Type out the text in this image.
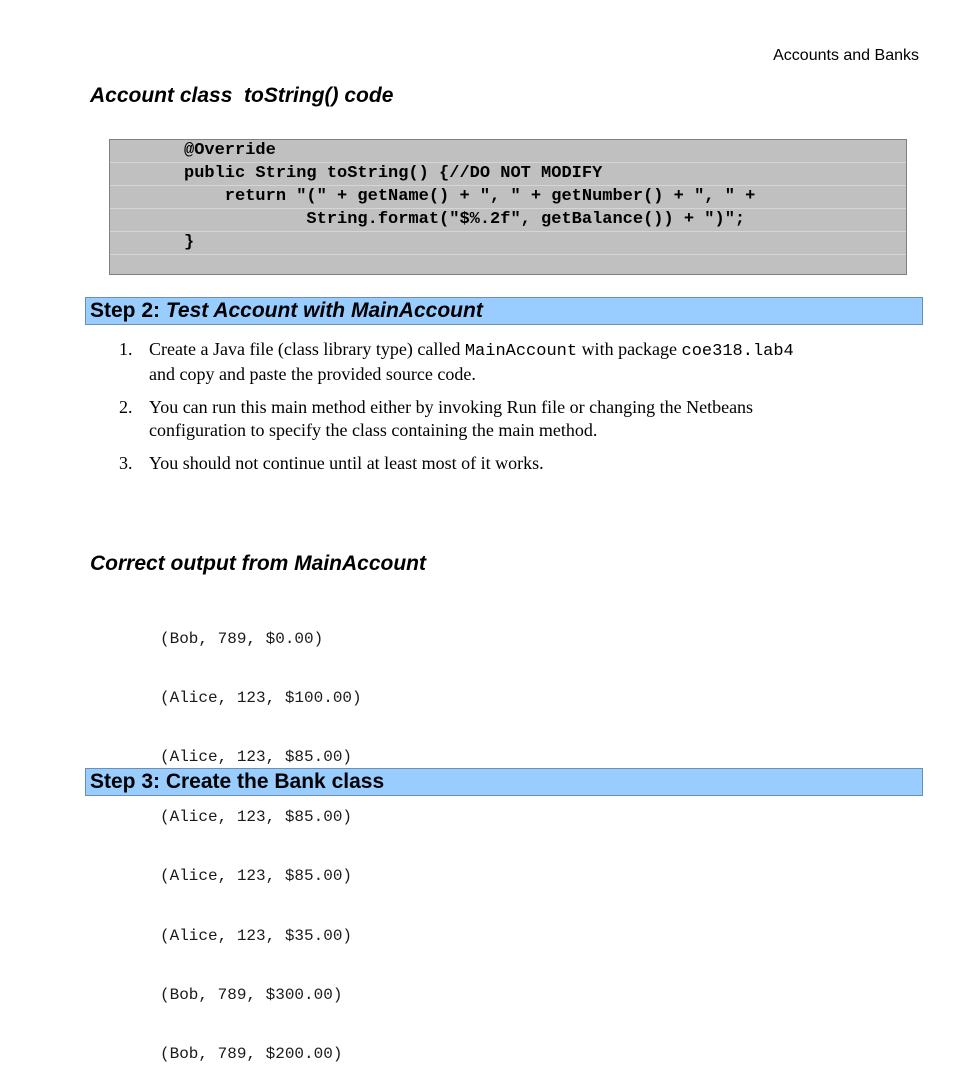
Accounts and Banks
Account class  toString() code
@Override
public String toString() {//DO NOT MODIFY
return "(" + getName() + ", " + getNumber() + ", " +
String.format("$%.2f", getBalance()) + ")";
}
Step 2: Test Account with MainAccount
1. Create a Java file (class library type) called MainAccount with package coe318.lab4
and copy and paste the provided source code.
2. You can run this main method either by invoking Run file or changing the Netbeans configuration to specify the class containing the main method.
3. You should not continue until at least most of it works.
Correct output from MainAccount

(Bob, 789, $0.00)

(Alice, 123, $100.00)

(Alice, 123, $85.00)

(Alice, 123, $85.00)

(Alice, 123, $85.00)

(Alice, 123, $35.00)

(Bob, 789, $300.00)

(Bob, 789, $200.00)

Step 3: Create the Bank class
